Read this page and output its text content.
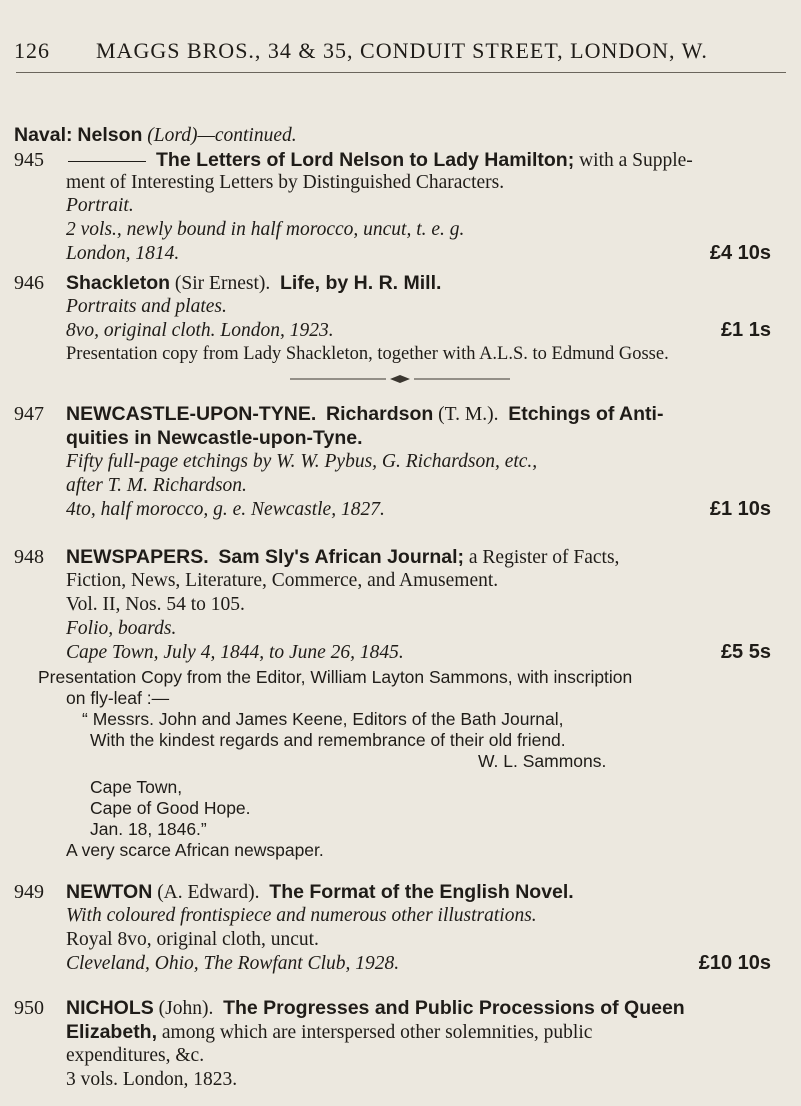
126 MAGGS BROS., 34 & 35, CONDUIT STREET, LONDON, W.
Naval: Nelson (Lord)—continued.
945	The Letters of Lord Nelson to Lady Hamilton; with a Supple-
ment of Interesting Letters by Distinguished Characters.
Portrait.
2 vols., newly bound in half morocco, uncut, t. e. g.
London, 1814.	£4 10s
946 Shackleton (Sir Ernest). Life, by H. R. Mill.
Portraits and plates.
8vo, original cloth. London, 1923.	£1 1s
Presentation copy from Lady Shackleton, together with A.L.S. to Edmund Gosse.
947 NEWCASTLE-UPON-TYNE. Richardson (T. M.). Etchings of Anti-
quities in Newcastle-upon-Tyne.
Fifty full-page etchings by W. W. Pybus, G. Richardson, etc.,
after T. M. Richardson.
4to, half morocco, g. e. Newcastle, 1827.	£1 10s
948 NEWSPAPERS. Sam Sly's African Journal; a Register of Facts,
Fiction, News, Literature, Commerce, and Amusement.
Vol. II, Nos. 54 to 105.
Folio, boards.
Cape Town, July 4, 1844, to June 26, 1845.	£5 5s
Presentation Copy from the Editor, William Layton Sammons, with inscription
on fly-leaf :—
“ Messrs. John and James Keene, Editors of the Bath Journal,
With the kindest regards and remembrance of their old friend.
W. L. Sammons.
Cape Town,
Cape of Good Hope.
Jan. 18, 1846.”
A very scarce African newspaper.
949 NEWTON (A. Edward). The Format of the English Novel.
With coloured frontispiece and numerous other illustrations.
Royal 8vo, original cloth, uncut.
Cleveland, Ohio, The Rowfant Club, 1928.	£10 10s
950 NICHOLS (John). The Progresses and Public Processions of Queen
Elizabeth, among which are interspersed other solemnities, public
expenditures, &c.
3 vols. London, 1823.
